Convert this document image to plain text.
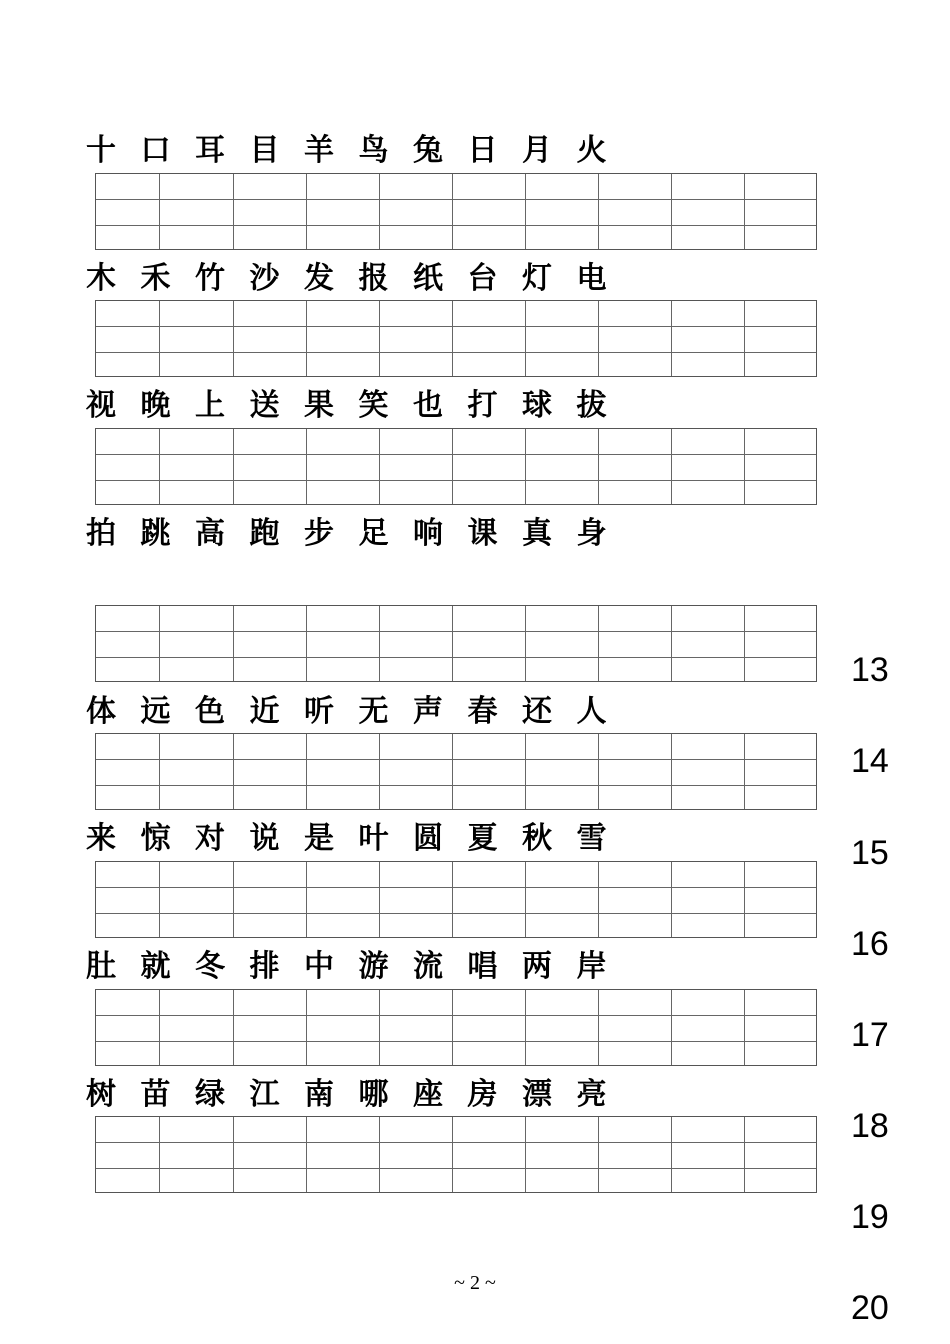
十 口 耳 目 羊 鸟 兔 日 月 火
木 禾 竹 沙 发 报 纸 台 灯 电
视 晚 上 送 果 笑 也 打 球 拔
拍 跳 高 跑 步 足 响 课 真 身
体 远 色 近 听 无 声 春 还 人
来 惊 对 说 是 叶 圆 夏 秋 雪
肚 就 冬 排 中 游 流 唱 两 岸
树 苗 绿 江 南 哪 座 房 漂 亮
13
14
15
16
17
18
19
20
~ 2 ~
